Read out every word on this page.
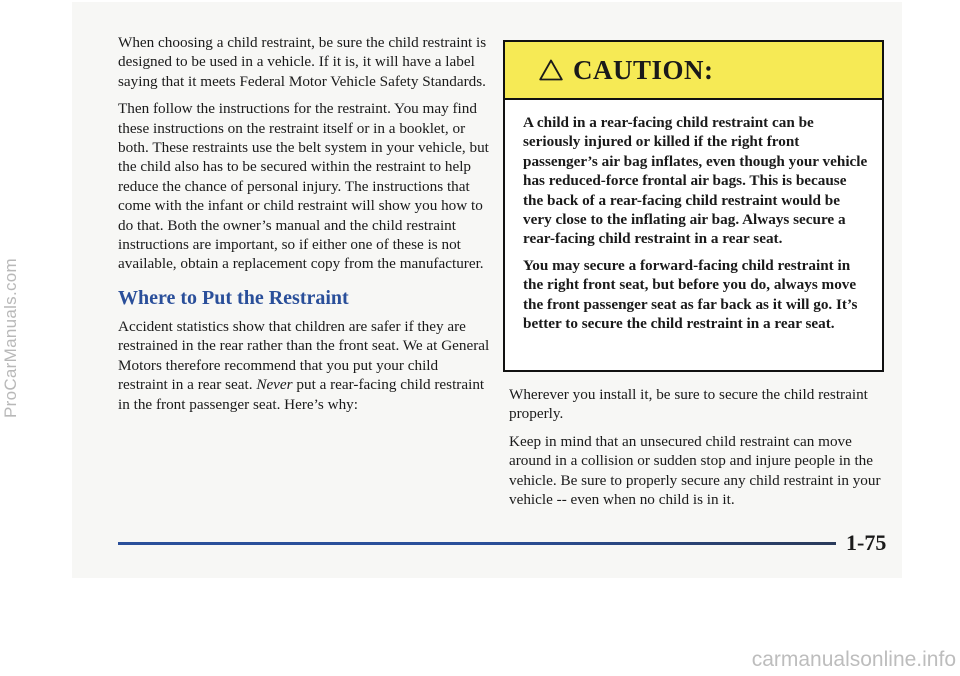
ProCarManuals.com

When choosing a child restraint, be sure the child restraint is designed to be used in a vehicle. If it is, it will have a label saying that it meets Federal Motor Vehicle Safety Standards.

Then follow the instructions for the restraint. You may find these instructions on the restraint itself or in a booklet, or both. These restraints use the belt system in your vehicle, but the child also has to be secured within the restraint to help reduce the chance of personal injury. The instructions that come with the infant or child restraint will show you how to do that. Both the owner’s manual and the child restraint instructions are important, so if either one of these is not available, obtain a replacement copy from the manufacturer.

Where to Put the Restraint

Accident statistics show that children are safer if they are restrained in the rear rather than the front seat. We at General Motors therefore recommend that you put your child restraint in a rear seat. Never put a rear-facing child restraint in the front passenger seat. Here’s why:

CAUTION:

A child in a rear-facing child restraint can be seriously injured or killed if the right front passenger’s air bag inflates, even though your vehicle has reduced-force frontal air bags. This is because the back of a rear-facing child restraint would be very close to the inflating air bag. Always secure a rear-facing child restraint in a rear seat.

You may secure a forward-facing child restraint in the right front seat, but before you do, always move the front passenger seat as far back as it will go. It’s better to secure the child restraint in a rear seat.

Wherever you install it, be sure to secure the child restraint properly.

Keep in mind that an unsecured child restraint can move around in a collision or sudden stop and injure people in the vehicle. Be sure to properly secure any child restraint in your vehicle -- even when no child is in it.

1-75
carmanualsonline.info
